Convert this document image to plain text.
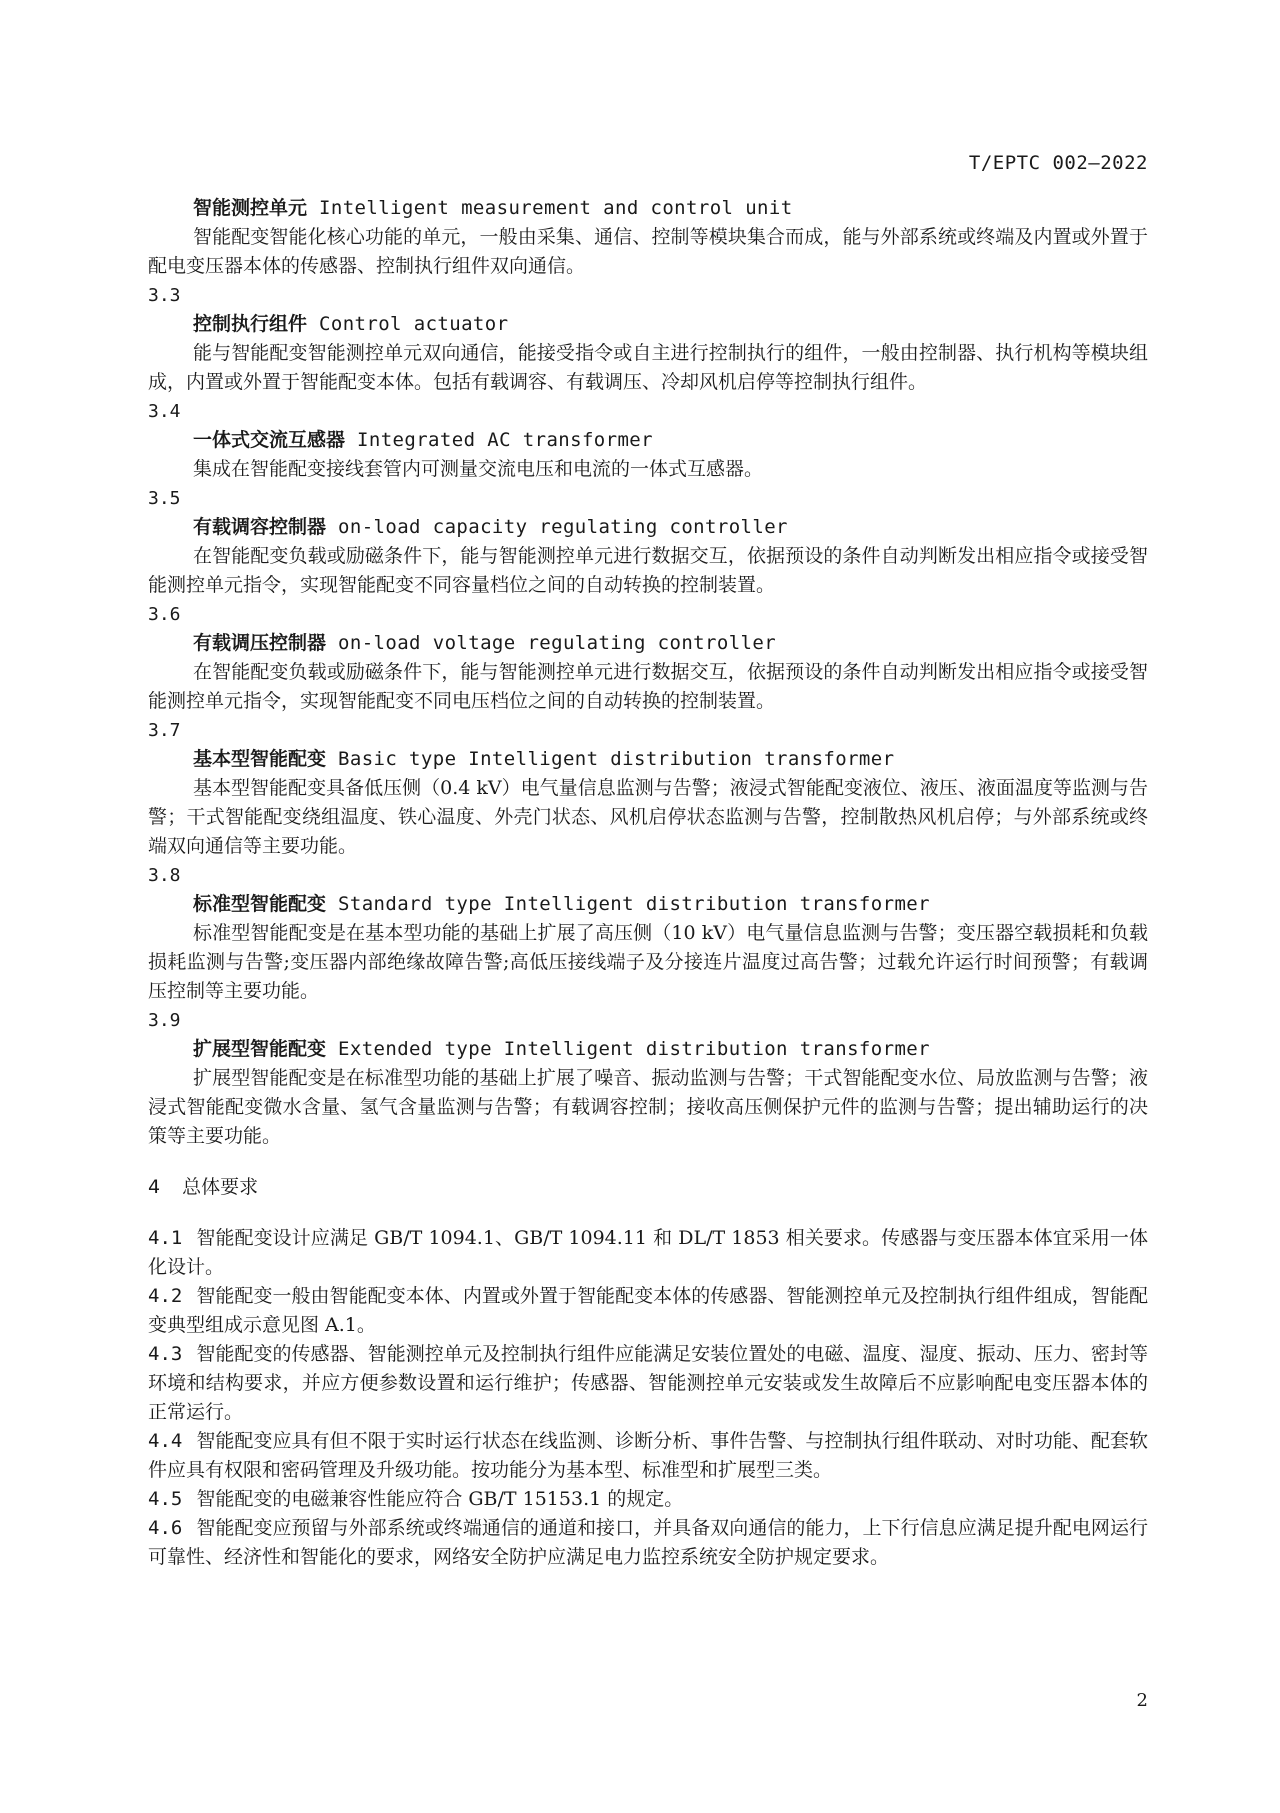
T/EPTC 002—2022
智能测控单元 Intelligent measurement and control unit

智能配变智能化核心功能的单元，一般由采集、通信、控制等模块集合而成，能与外部系统或终端及内置或外置于配电变压器本体的传感器、控制执行组件双向通信。

3.3
控制执行组件 Control actuator

能与智能配变智能测控单元双向通信，能接受指令或自主进行控制执行的组件，一般由控制器、执行机构等模块组成，内置或外置于智能配变本体。包括有载调容、有载调压、冷却风机启停等控制执行组件。

3.4
一体式交流互感器 Integrated AC transformer

集成在智能配变接线套管内可测量交流电压和电流的一体式互感器。

3.5
有载调容控制器 on-load capacity regulating controller

在智能配变负载或励磁条件下，能与智能测控单元进行数据交互，依据预设的条件自动判断发出相应指令或接受智能测控单元指令，实现智能配变不同容量档位之间的自动转换的控制装置。

3.6
有载调压控制器 on-load voltage regulating controller

在智能配变负载或励磁条件下，能与智能测控单元进行数据交互，依据预设的条件自动判断发出相应指令或接受智能测控单元指令，实现智能配变不同电压档位之间的自动转换的控制装置。

3.7
基本型智能配变 Basic type Intelligent distribution transformer

基本型智能配变具备低压侧（0.4 kV）电气量信息监测与告警；液浸式智能配变液位、液压、液面温度等监测与告警；干式智能配变绕组温度、铁心温度、外壳门状态、风机启停状态监测与告警，控制散热风机启停；与外部系统或终端双向通信等主要功能。

3.8
标准型智能配变 Standard type Intelligent distribution transformer

标准型智能配变是在基本型功能的基础上扩展了高压侧（10 kV）电气量信息监测与告警；变压器空载损耗和负载损耗监测与告警;变压器内部绝缘故障告警;高低压接线端子及分接连片温度过高告警；过载允许运行时间预警；有载调压控制等主要功能。

3.9
扩展型智能配变 Extended type Intelligent distribution transformer

扩展型智能配变是在标准型功能的基础上扩展了噪音、振动监测与告警；干式智能配变水位、局放监测与告警；液浸式智能配变微水含量、氢气含量监测与告警；有载调容控制；接收高压侧保护元件的监测与告警；提出辅助运行的决策等主要功能。

4 总体要求

4.1 智能配变设计应满足 GB/T 1094.1、GB/T 1094.11 和 DL/T 1853 相关要求。传感器与变压器本体宜采用一体化设计。

4.2 智能配变一般由智能配变本体、内置或外置于智能配变本体的传感器、智能测控单元及控制执行组件组成，智能配变典型组成示意见图 A.1。

4.3 智能配变的传感器、智能测控单元及控制执行组件应能满足安装位置处的电磁、温度、湿度、振动、压力、密封等环境和结构要求，并应方便参数设置和运行维护；传感器、智能测控单元安装或发生故障后不应影响配电变压器本体的正常运行。

4.4 智能配变应具有但不限于实时运行状态在线监测、诊断分析、事件告警、与控制执行组件联动、对时功能、配套软件应具有权限和密码管理及升级功能。按功能分为基本型、标准型和扩展型三类。

4.5 智能配变的电磁兼容性能应符合 GB/T 15153.1 的规定。

4.6 智能配变应预留与外部系统或终端通信的通道和接口，并具备双向通信的能力，上下行信息应满足提升配电网运行可靠性、经济性和智能化的要求，网络安全防护应满足电力监控系统安全防护规定要求。

2
